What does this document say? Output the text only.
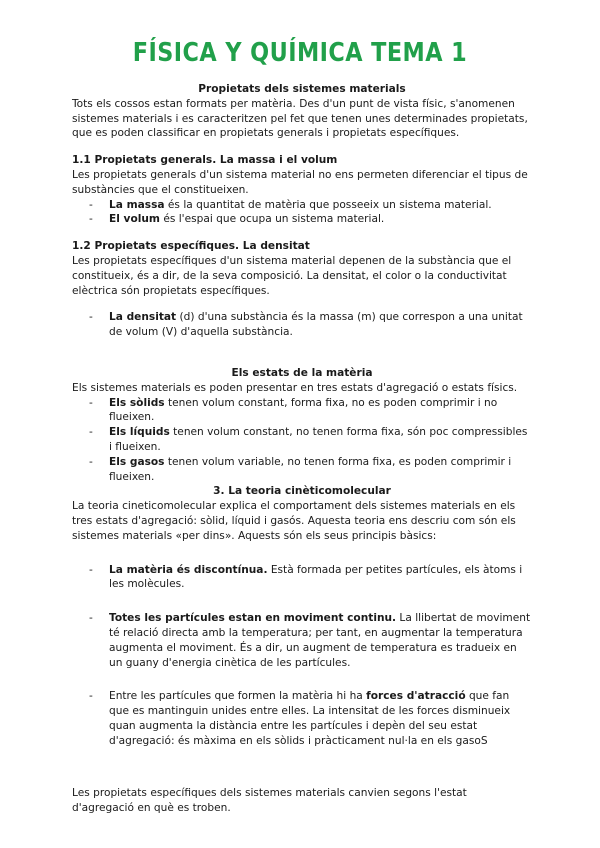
FÍSICA Y QUÍMICA TEMA 1

Propietats dels sistemes materials

Tots els cossos estan formats per matèria. Des d'un punt de vista físic, s'anomenen sistemes materials i es caracteritzen pel fet que tenen unes determinades propietats, que es poden classificar en propietats generals i propietats específiques.

1.1 Propietats generals. La massa i el volum

Les propietats generals d'un sistema material no ens permeten diferenciar el tipus de substàncies que el constitueixen.

- La massa és la quantitat de matèria que posseeix un sistema material.
- El volum és l'espai que ocupa un sistema material.

1.2 Propietats específiques. La densitat

Les propietats específiques d'un sistema material depenen de la substància que el constitueix, és a dir, de la seva composició. La densitat, el color o la conductivitat elèctrica són propietats específiques.

- La densitat (d) d'una substància és la massa (m) que correspon a una unitat de volum (V) d'aquella substància.

Els estats de la matèria

Els sistemes materials es poden presentar en tres estats d'agregació o estats físics.

- Els sòlids tenen volum constant, forma fixa, no es poden comprimir i no flueixen.
- Els líquids tenen volum constant, no tenen forma fixa, són poc compressibles i flueixen.
- Els gasos tenen volum variable, no tenen forma fixa, es poden comprimir i flueixen.

3. La teoria cinèticomolecular

La teoria cineticomolecular explica el comportament dels sistemes materials en els tres estats d'agregació: sòlid, líquid i gasós. Aquesta teoria ens descriu com són els sistemes materials «per dins». Aquests són els seus principis bàsics:

- La matèria és discontínua. Està formada per petites partícules, els àtoms i les molècules.
- Totes les partícules estan en moviment continu. La llibertat de moviment té relació directa amb la temperatura; per tant, en augmentar la temperatura augmenta el moviment. És a dir, un augment de temperatura es tradueix en un guany d'energia cinètica de les partícules.
- Entre les partícules que formen la matèria hi ha forces d'atracció que fan que es mantinguin unides entre elles. La intensitat de les forces disminueix quan augmenta la distància entre les partícules i depèn del seu estat d'agregació: és màxima en els sòlids i pràcticament nul·la en els gasoS

Les propietats específiques dels sistemes materials canvien segons l'estat d'agregació en què es troben.
